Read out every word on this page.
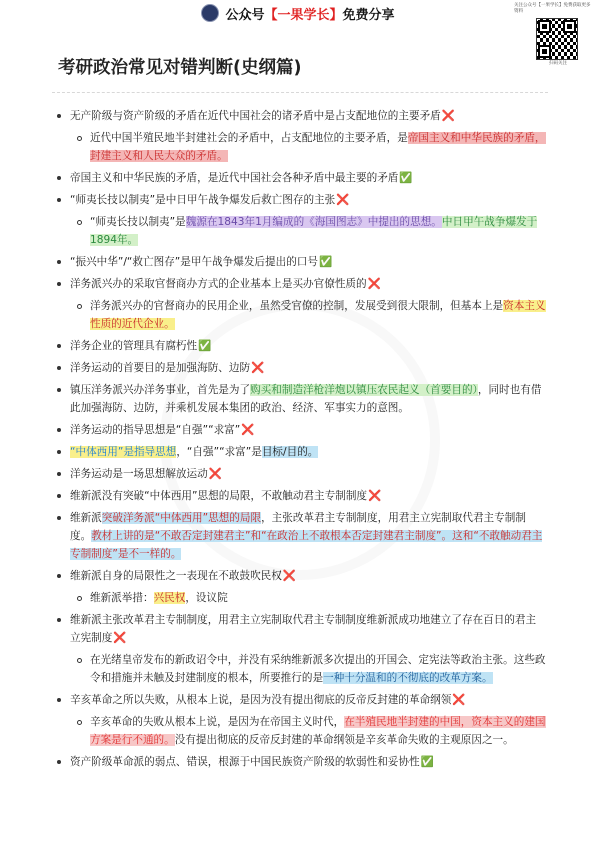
公众号【一果学长】免费分享
关注公众号【一果学长】免费获取更多资料
扫码关注
考研政治常见对错判断(史纲篇)
无产阶级与资产阶级的矛盾在近代中国社会的诸矛盾中是占支配地位的主要矛盾❌
近代中国半殖民地半封建社会的矛盾中，占支配地位的主要矛盾，是帝国主义和中华民族的矛盾，封建主义和人民大众的矛盾。
帝国主义和中华民族的矛盾，是近代中国社会各种矛盾中最主要的矛盾✅
“师夷长技以制夷”是中日甲午战争爆发后救亡图存的主张❌
“师夷长技以制夷”是魏源在1843年1月编成的《海国图志》中提出的思想。中日甲午战争爆发于1894年。
“振兴中华”/“救亡图存”是甲午战争爆发后提出的口号✅
洋务派兴办的采取官督商办方式的企业基本上是买办官僚性质的❌
洋务派兴办的官督商办的民用企业，虽然受官僚的控制，发展受到很大限制，但基本上是资本主义性质的近代企业。
洋务企业的管理具有腐朽性✅
洋务运动的首要目的是加强海防、边防❌
镇压洋务派兴办洋务事业，首先是为了购买和制造洋枪洋炮以镇压农民起义（首要目的），同时也有借此加强海防、边防，并乘机发展本集团的政治、经济、军事实力的意图。
洋务运动的指导思想是“自强”“求富”❌
“中体西用”是指导思想，“自强”“求富”是目标/目的。
洋务运动是一场思想解放运动❌
维新派没有突破“中体西用”思想的局限，不敢触动君主专制制度❌
维新派突破洋务派“中体西用”思想的局限，主张改革君主专制制度，用君主立宪制取代君主专制制度。教材上讲的是“不敢否定封建君主”和“在政治上不敢根本否定封建君主制度”。这和“不敢触动君主专制制度”是不一样的。
维新派自身的局限性之一表现在不敢鼓吹民权❌
维新派举措：兴民权，设议院
维新派主张改革君主专制制度，用君主立宪制取代君主专制制度维新派成功地建立了存在百日的君主立宪制度❌
在光绪皇帝发布的新政诏令中，并没有采纳维新派多次提出的开国会、定宪法等政治主张。这些政令和措施并未触及封建制度的根本，所要推行的是一种十分温和的不彻底的改革方案。
辛亥革命之所以失败，从根本上说，是因为没有提出彻底的反帝反封建的革命纲领❌
辛亥革命的失败从根本上说，是因为在帝国主义时代，在半殖民地半封建的中国，资本主义的建国方案是行不通的。没有提出彻底的反帝反封建的革命纲领是辛亥革命失败的主观原因之一。
资产阶级革命派的弱点、错误，根源于中国民族资产阶级的软弱性和妥协性✅
